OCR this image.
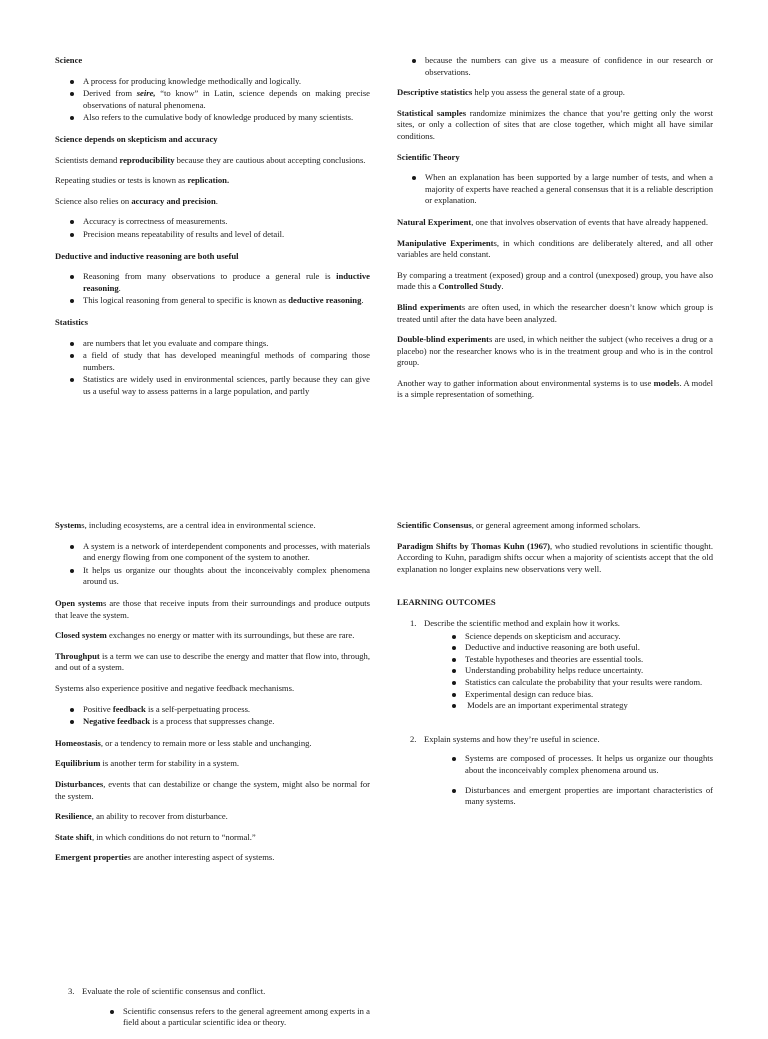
Science
A process for producing knowledge methodically and logically.
Derived from seire, “to know” in Latin, science depends on making precise observations of natural phenomena.
Also refers to the cumulative body of knowledge produced by many scientists.
Science depends on skepticism and accuracy

Scientists demand reproducibility because they are cautious about accepting conclusions.

Repeating studies or tests is known as replication.

Science also relies on accuracy and precision.

Accuracy is correctness of measurements.
Precision means repeatability of results and level of detail.
Deductive and inductive reasoning are both useful
Reasoning from many observations to produce a general rule is inductive reasoning.
This logical reasoning from general to specific is known as deductive reasoning.
Statistics
are numbers that let you evaluate and compare things.
a field of study that has developed meaningful methods of comparing those numbers.
Statistics are widely used in environmental sciences, partly because they can give us a useful way to assess patterns in a large population, and partly
because the numbers can give us a measure of confidence in our research or observations.

Descriptive statistics help you assess the general state of a group.

Statistical samples randomize minimizes the chance that you’re getting only the worst sites, or only a collection of sites that are close together, which might all have similar conditions.

Scientific Theory
When an explanation has been supported by a large number of tests, and when a majority of experts have reached a general consensus that it is a reliable description or explanation.

Natural Experiment, one that involves observation of events that have already happened.

Manipulative Experiments, in which conditions are deliberately altered, and all other variables are held constant.

By comparing a treatment (exposed) group and a control (unexposed) group, you have also made this a Controlled Study.

Blind experiments are often used, in which the researcher doesn’t know which group is treated until after the data have been analyzed.

Double-blind experiments are used, in which neither the subject (who receives a drug or a placebo) nor the researcher knows who is in the treatment group and who is in the control group.

Another way to gather information about environmental systems is to use models. A model is a simple representation of something.

Systems, including ecosystems, are a central idea in environmental science.

A system is a network of interdependent components and processes, with materials and energy flowing from one component of the system to another.
It helps us organize our thoughts about the inconceivably complex phenomena around us.

Open systems are those that receive inputs from their surroundings and produce outputs that leave the system.

Closed system exchanges no energy or matter with its surroundings, but these are rare.

Throughput is a term we can use to describe the energy and matter that flow into, through, and out of a system.

Systems also experience positive and negative feedback mechanisms.

Positive feedback is a self-perpetuating process.
Negative feedback is a process that suppresses change.

Homeostasis, or a tendency to remain more or less stable and unchanging.

Equilibrium is another term for stability in a system.

Disturbances, events that can destabilize or change the system, might also be normal for the system.

Resilience, an ability to recover from disturbance.

State shift, in which conditions do not return to “normal.”

Emergent properties are another interesting aspect of systems.

Scientific Consensus, or general agreement among informed scholars.

Paradigm Shifts by Thomas Kuhn (1967), who studied revolutions in scientific thought. According to Kuhn, paradigm shifts occur when a majority of scientists accept that the old explanation no longer explains new observations very well.

LEARNING OUTCOMES
1. Describe the scientific method and explain how it works.
Science depends on skepticism and accuracy.
Deductive and inductive reasoning are both useful.
Testable hypotheses and theories are essential tools.
Understanding probability helps reduce uncertainty.
Statistics can calculate the probability that your results were random.
Experimental design can reduce bias.
Models are an important experimental strategy
2. Explain systems and how they’re useful in science.
Systems are composed of processes. It helps us organize our thoughts about the inconceivably complex phenomena around us.
Disturbances and emergent properties are important characteristics of many systems.
3. Evaluate the role of scientific consensus and conflict.
Scientific consensus refers to the general agreement among experts in a field about a particular scientific idea or theory.
